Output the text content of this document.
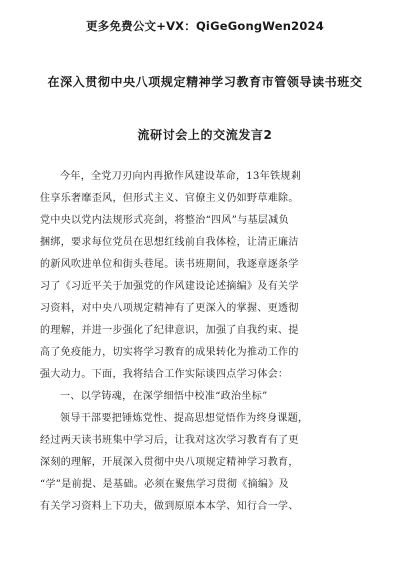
更多免费公文+VX：QiGeGongWen2024
在深入贯彻中央八项规定精神学习教育市管领导读书班交
流研讨会上的交流发言2
今年，全党刀刃向内再掀作风建设革命，13年铁规剎
住享乐奢靡歪风，但形式主义、官僚主义仍如野草难除。
党中央以党内法规形式亮剑，将整治“四风”与基层减负
捆绑，要求每位党员在思想红线前自我体检，让清正廉洁
的新风吹进单位和街头巷尾。读书班期间，我逐章逐条学
习了《习近平关于加强党的作风建设论述摘编》及有关学
习资料，对中央八项规定精神有了更深入的掌握、更透彻
的理解，并进一步强化了纪律意识，加强了自我约束、提
高了免疫能力，切实将学习教育的成果转化为推动工作的
强大动力。下面，我将结合工作实际谈四点学习体会：
一、以学铸魂，在深学细悟中校准“政治坐标”
领导干部要把锤炼党性、提高思想觉悟作为终身课题，
经过两天读书班集中学习后，让我对这次学习教育有了更
深刻的理解，开展深入贯彻中央八项规定精神学习教育，
“学”是前提、是基础。必须在聚焦学习贯彻《摘编》及
有关学习资料上下功夫，做到原原本本学、知行合一学、
